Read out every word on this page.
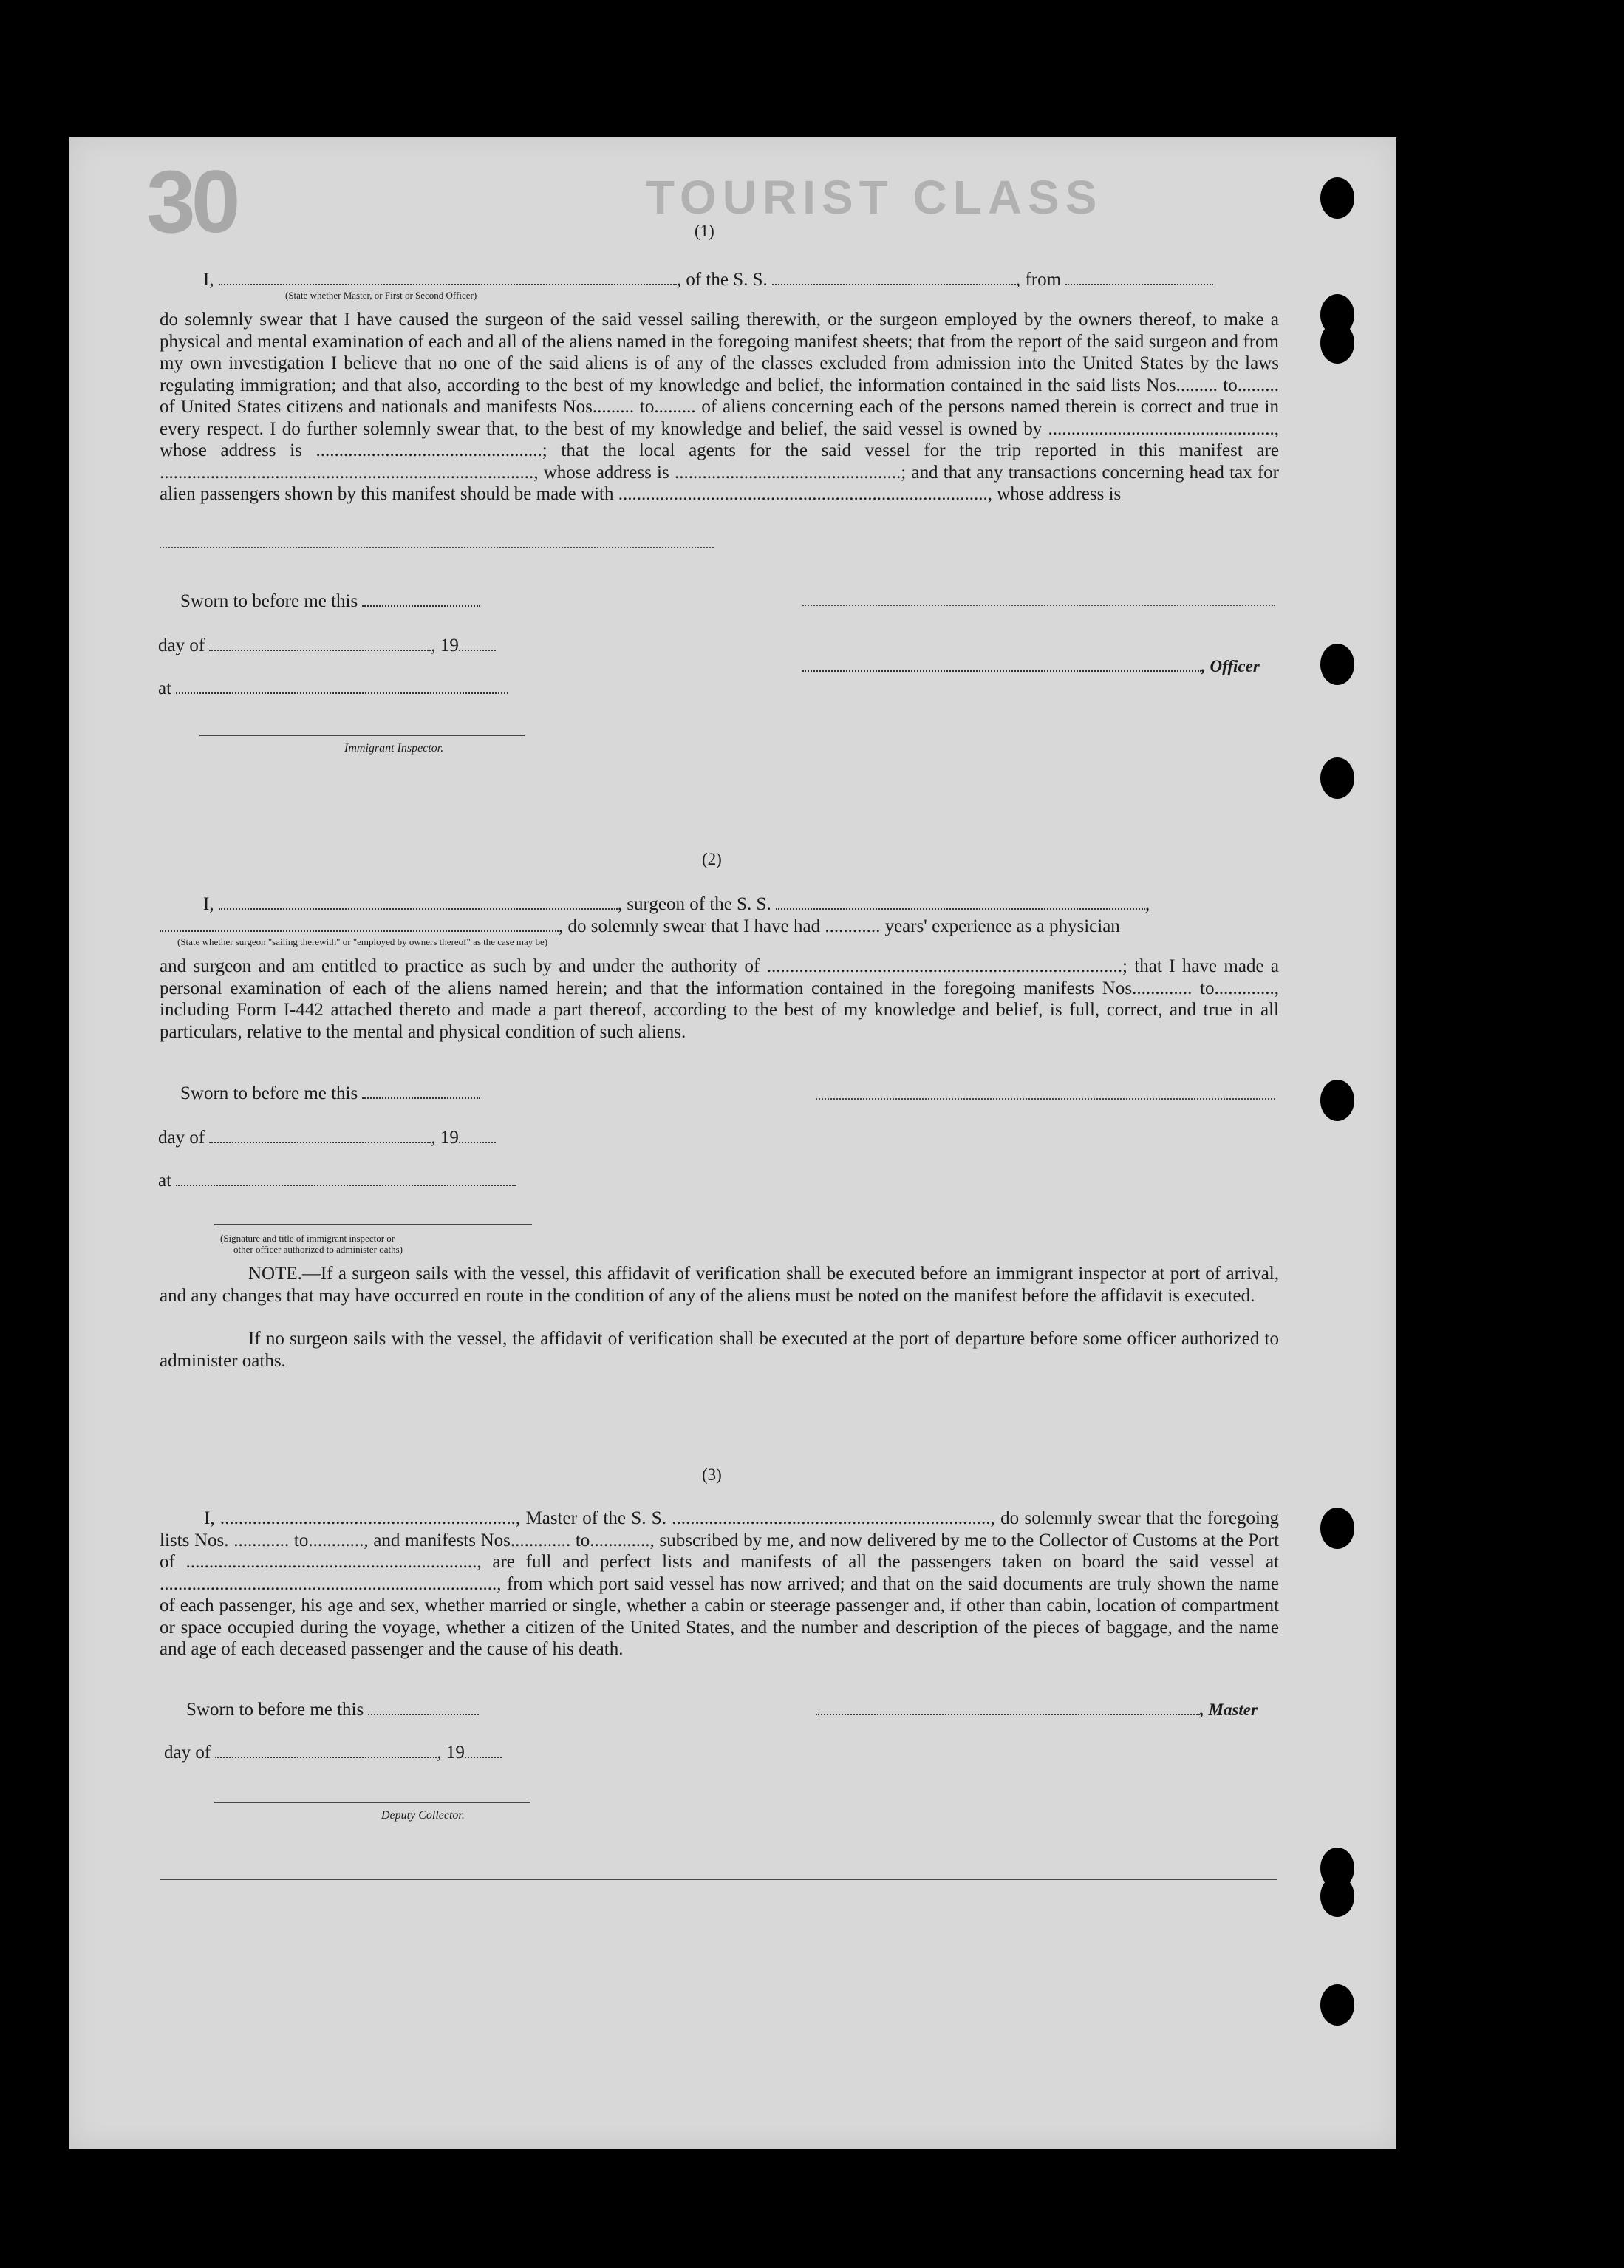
30	TOURIST CLASS
(1)
I,	, of the S. S.	, from
(State whether Master, or First or Second Officer)
do solemnly swear that I have caused the surgeon of the said vessel sailing therewith, or the surgeon employed by the owners thereof, to make a physical and mental examination of each and all of the aliens named in the foregoing manifest sheets; that from the report of the said surgeon and from my own investigation I believe that no one of the said aliens is of any of the classes excluded from admission into the United States by the laws regulating immigration; and that also, according to the best of my knowledge and belief, the information contained in the said lists Nos......... to......... of United States citizens and nationals and manifests Nos......... to......... of aliens concerning each of the persons named therein is correct and true in every respect. I do further solemnly swear that, to the best of my knowledge and belief, the said vessel is owned by ................................................., whose address is .................................................; that the local agents for the said vessel for the trip reported in this manifest are ................................................................................., whose address is .................................................; and that any transactions concerning head tax for alien passengers shown by this manifest should be made with ................................................................................, whose address is
Sworn to before me this
day of	, 19
, Officer
at
Immigrant Inspector.
(2)
I,	, surgeon of the S. S.	,
, do solemnly swear that I have had ............ years' experience as a physician
(State whether surgeon "sailing therewith" or "employed by owners thereof" as the case may be)
and surgeon and am entitled to practice as such by and under the authority of .............................................................................; that I have made a personal examination of each of the aliens named herein; and that the information contained in the foregoing manifests Nos............. to............., including Form I-442 attached thereto and made a part thereof, according to the best of my knowledge and belief, is full, correct, and true in all particulars, relative to the mental and physical condition of such aliens.
Sworn to before me this
day of	, 19
at
(Signature and title of immigrant inspector or
other officer authorized to administer oaths)
NOTE.—If a surgeon sails with the vessel, this affidavit of verification shall be executed before an immigrant inspector at port of arrival, and any changes that may have occurred en route in the condition of any of the aliens must be noted on the manifest before the affidavit is executed.
If no surgeon sails with the vessel, the affidavit of verification shall be executed at the port of departure before some officer authorized to administer oaths.
(3)
I, ................................................................, Master of the S. S. ....................................................................., do solemnly swear that the foregoing lists Nos. ............ to............, and manifests Nos............. to............., subscribed by me, and now delivered by me to the Collector of Customs at the Port of ..............................................................., are full and perfect lists and manifests of all the passengers taken on board the said vessel at ........................................................................., from which port said vessel has now arrived; and that on the said documents are truly shown the name of each passenger, his age and sex, whether married or single, whether a cabin or steerage passenger and, if other than cabin, location of compartment or space occupied during the voyage, whether a citizen of the United States, and the number and description of the pieces of baggage, and the name and age of each deceased passenger and the cause of his death.
Sworn to before me this	, Master
day of	, 19
Deputy Collector.
